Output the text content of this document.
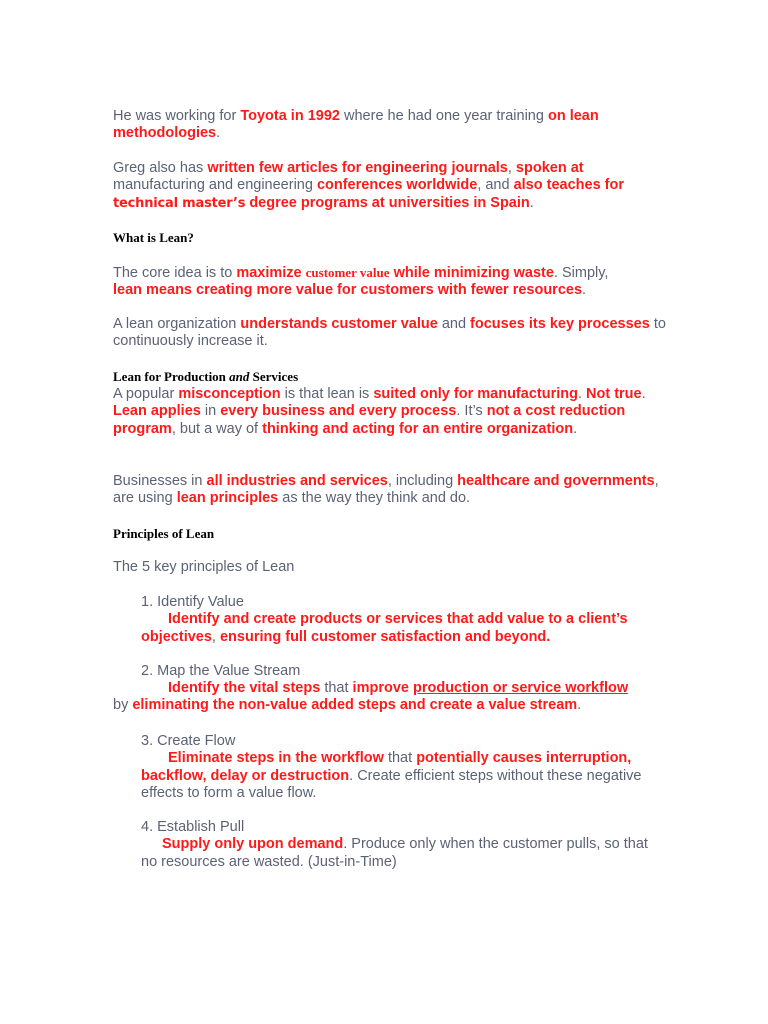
He was working for Toyota in 1992 where he had one year training on lean methodologies.
Greg also has written few articles for engineering journals, spoken at manufacturing and engineering conferences worldwide, and also teaches for
technical master’s degree programs at universities in Spain.
What is Lean?
The core idea is to maximize customer value while minimizing waste. Simply,
lean means creating more value for customers with fewer resources.
A lean organization understands customer value and focuses its key processes to continuously increase it.
Lean for Production and Services
A popular misconception is that lean is suited only for manufacturing. Not true. Lean applies in every business and every process. It’s not a cost reduction program, but a way of thinking and acting for an entire organization.
Businesses in all industries and services, including healthcare and governments, are using lean principles as the way they think and do.
Principles of Lean
The 5 key principles of Lean
1. Identify Value
Identify and create products or services that add value to a client’s objectives, ensuring full customer satisfaction and beyond.
2. Map the Value Stream
Identify the vital steps that improve production or service workflow
by eliminating the non-value added steps and create a value stream.
3. Create Flow
Eliminate steps in the workflow that potentially causes interruption, backflow, delay or destruction. Create efficient steps without these negative effects to form a value flow.
4. Establish Pull
Supply only upon demand. Produce only when the customer pulls, so that no resources are wasted. (Just-in-Time)
